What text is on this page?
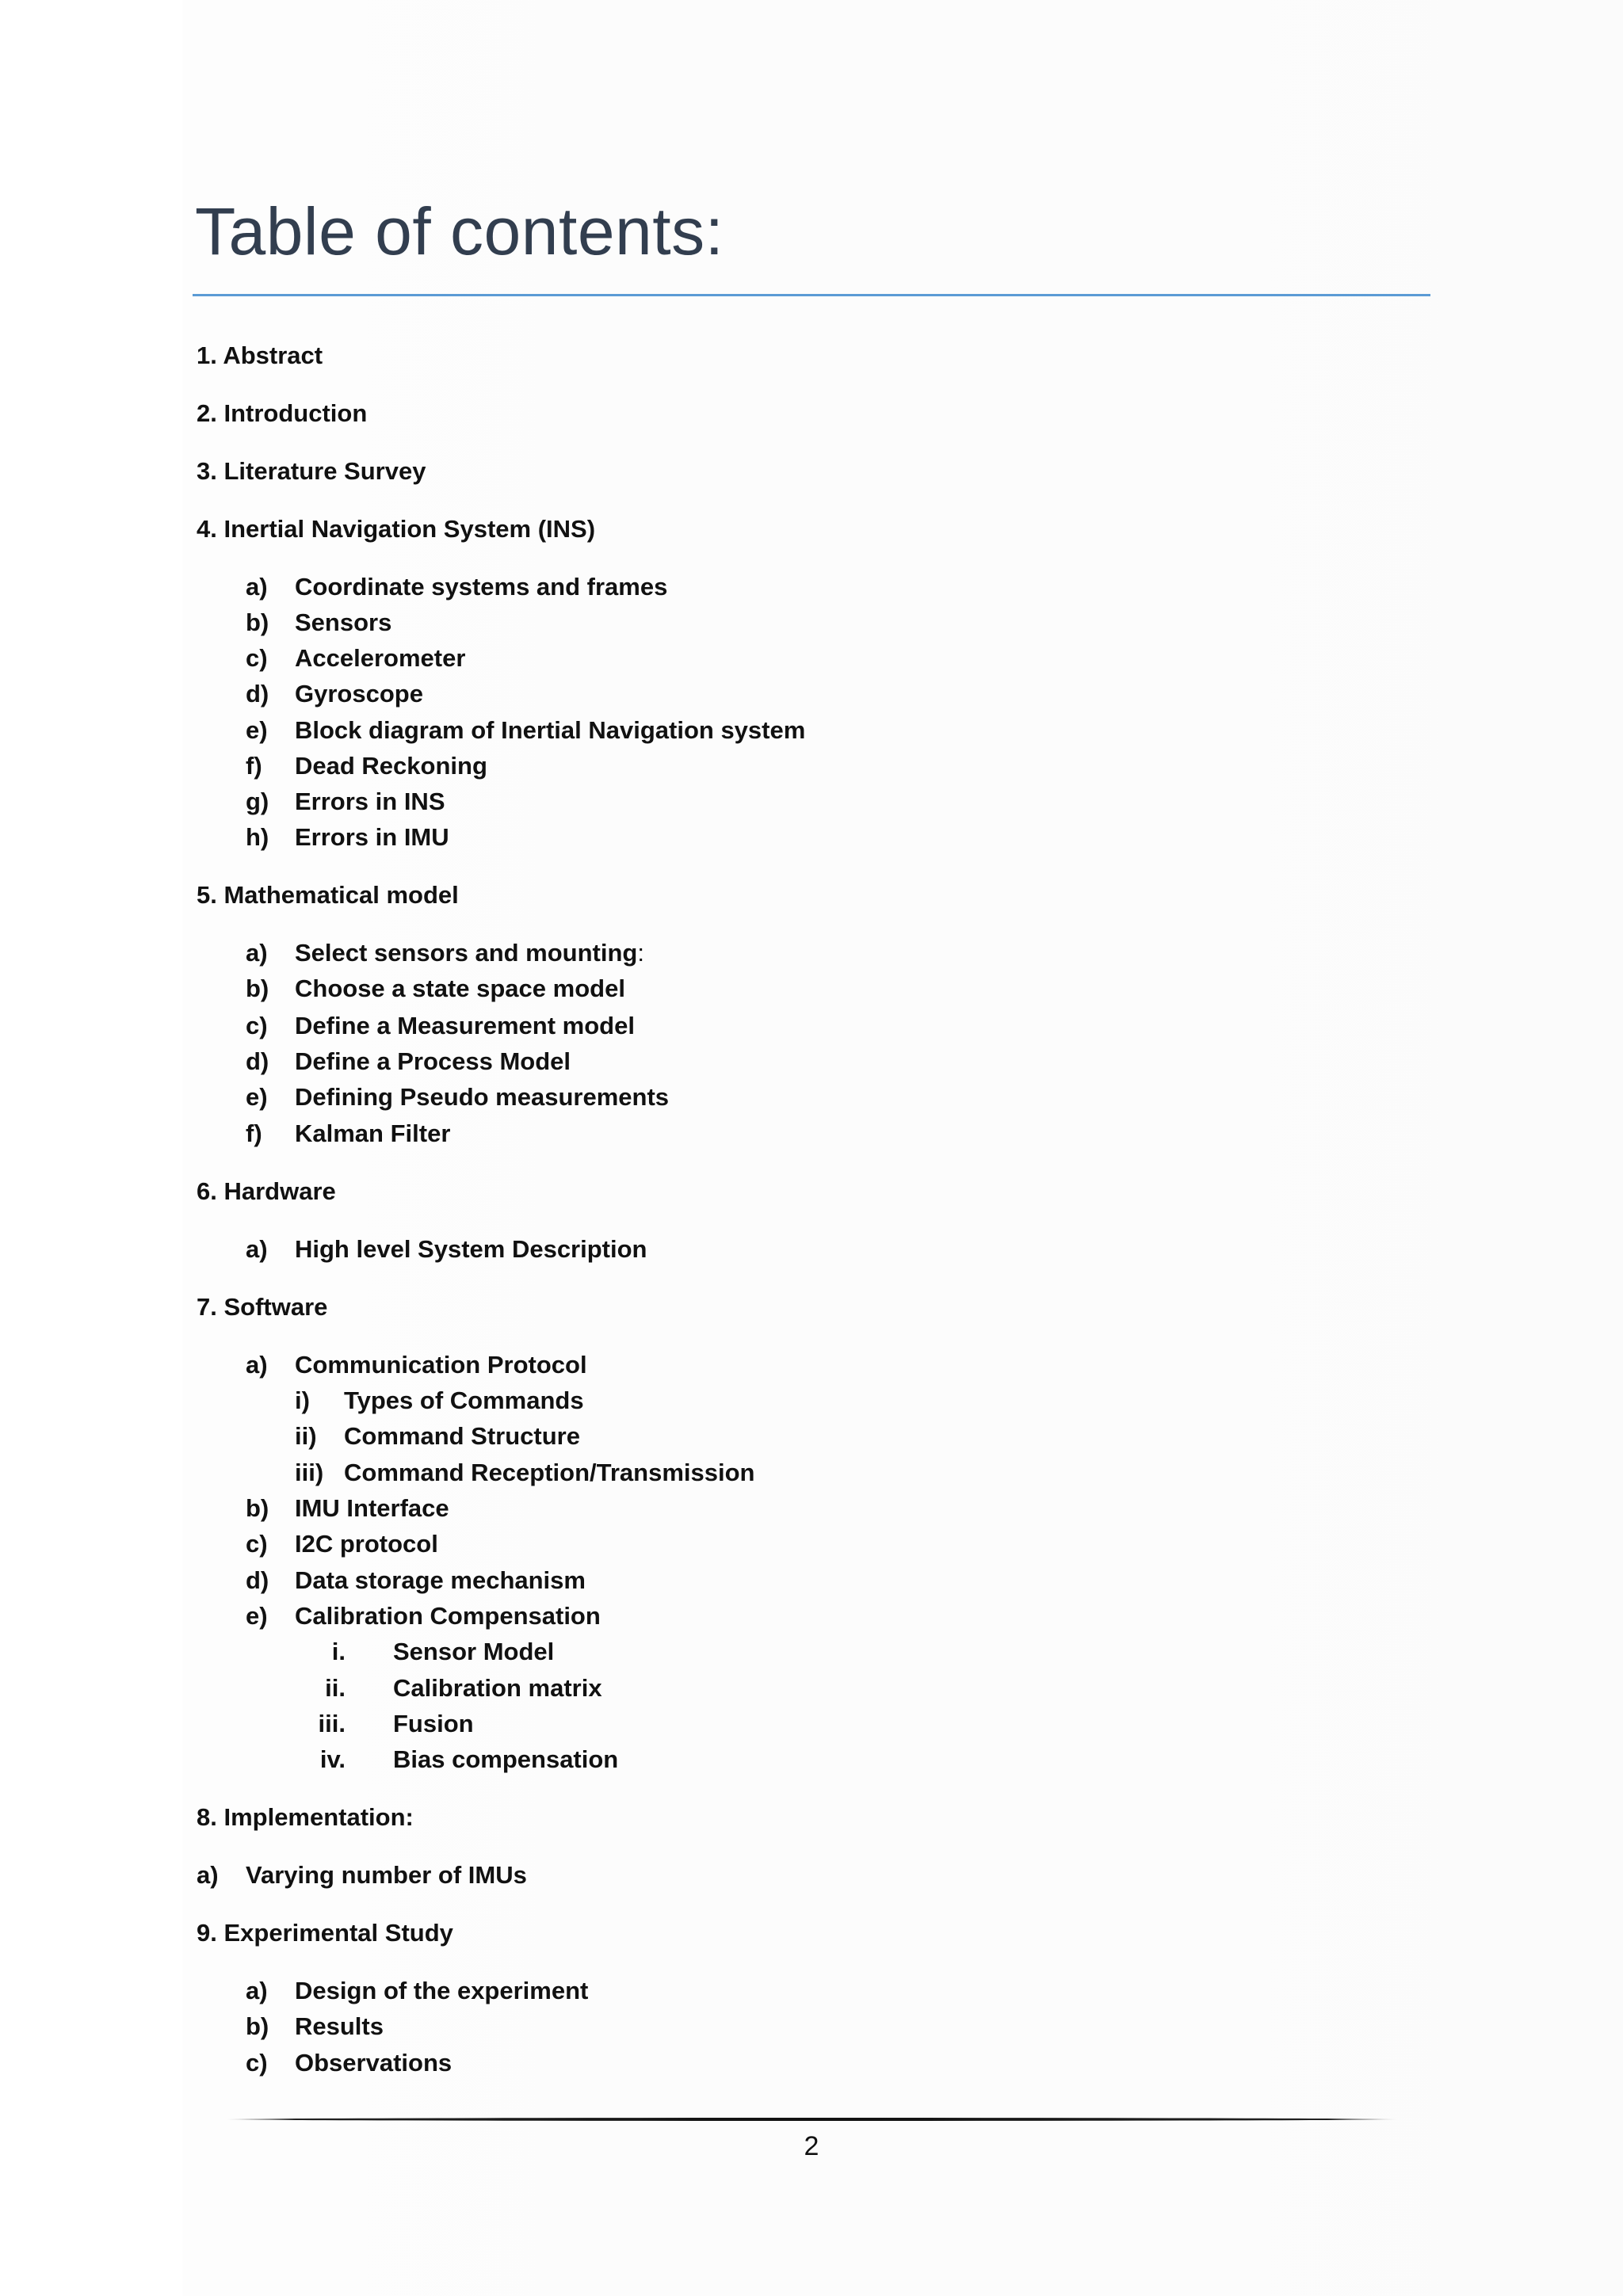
Table of contents:
1. Abstract
2. Introduction
3. Literature Survey
4. Inertial Navigation System (INS)
a) Coordinate systems and frames
b) Sensors
c) Accelerometer
d) Gyroscope
e) Block diagram of Inertial Navigation system
f) Dead Reckoning
g) Errors in INS
h) Errors in IMU
5. Mathematical model
a) Select sensors and mounting:
b) Choose a state space model
c) Define a Measurement model
d) Define a Process Model
e) Defining Pseudo measurements
f) Kalman Filter
6. Hardware
a) High level System Description
7. Software
a) Communication Protocol
i) Types of Commands
ii) Command Structure
iii) Command Reception/Transmission
b) IMU Interface
c) I2C protocol
d) Data storage mechanism
e) Calibration Compensation
i. Sensor Model
ii. Calibration matrix
iii. Fusion
iv. Bias compensation
8. Implementation:
a) Varying number of IMUs
9. Experimental Study
a) Design of the experiment
b) Results
c) Observations
2
